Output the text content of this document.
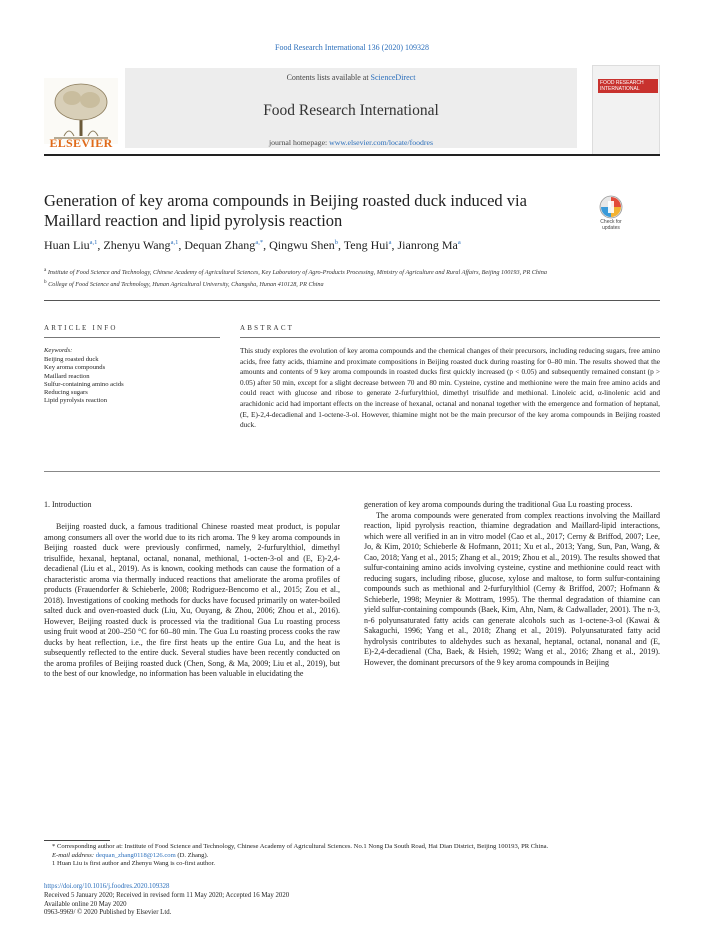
Food Research International 136 (2020) 109328
Contents lists available at ScienceDirect
Food Research International
journal homepage: www.elsevier.com/locate/foodres
ELSEVIER
FOOD RESEARCH INTERNATIONAL
Generation of key aroma compounds in Beijing roasted duck induced via Maillard reaction and lipid pyrolysis reaction	Check for updates
Huan Liu$^{a,1}$, Zhenyu Wang$^{a,1}$, Dequan Zhang$^{a,*}$, Qingwu Shen$^b$, Teng Hui$^a$, Jianrong Ma$^a$
$^a$ Institute of Food Science and Technology, Chinese Academy of Agricultural Sciences, Key Laboratory of Agro-Products Processing, Ministry of Agriculture and Rural Affairs, Beijing 100193, PR China
$^b$ College of Food Science and Technology, Hunan Agricultural University, Changsha, Hunan 410128, PR China
ARTICLE INFO	ABSTRACT
Keywords:
Beijing roasted duck
Key aroma compounds
Maillard reaction
Sulfur-containing amino acids
Reducing sugars
Lipid pyrolysis reaction
This study explores the evolution of key aroma compounds and the chemical changes of their precursors, including reducing sugars, free amino acids, free fatty acids, thiamine and proximate compositions in Beijing roasted duck during roasting for 0–80 min. The results showed that the amounts and contents of 9 key aroma compounds in roasted ducks first quickly increased (p < 0.05) and subsequently remained constant (p > 0.05) after 50 min, except for a slight decrease between 70 and 80 min. Cysteine, cystine and methionine were the main free amino acids and could react with glucose and ribose to generate 2-furfurylthiol, dimethyl trisulfide and methional. Linoleic acid, α-linolenic acid and arachidonic acid had important effects on the increase of hexanal, octanal and nonanal together with the emergence and formation of heptanal, (E, E)-2,4-decadienal and 1-octene-3-ol. However, thiamine might not be the main precursor of the key aroma compounds in Beijing roasted duck.
1. Introduction

Beijing roasted duck, a famous traditional Chinese roasted meat product, is popular among consumers all over the world due to its rich aroma. The 9 key aroma compounds in Beijing roasted duck were previously confirmed, namely, 2-furfurylthiol, dimethyl trisulfide, hexanal, heptanal, octanal, nonanal, methional, 1-octen-3-ol and (E, E)-2,4-decadienal (Liu et al., 2019). As is known, cooking methods can cause the formation of a characteristic aroma via thermally induced reactions that ameliorate the aroma profiles of products (Frauendorfer & Schieberle, 2008; Rodriguez-Bencomo et al., 2015; Zou et al., 2018). Investigations of cooking methods for ducks have focused primarily on water-boiled salted duck and oven-roasted duck (Liu, Xu, Ouyang, & Zhou, 2006; Zhou et al., 2016). However, Beijing roasted duck is processed via the traditional Gua Lu roasting process using fruit wood at 200–250 °C for 60–80 min. The Gua Lu roasting process cooks the raw ducks by heat reflection, i.e., the fire first heats up the entire Gua Lu, and the heat is subsequently reflected to the entire duck. Several studies have been recently conducted on the aroma profiles of Beijing roasted duck (Chen, Song, & Ma, 2009; Liu et al., 2019), but to the best of our knowledge, no information has been valuable in elucidating the

generation of key aroma compounds during the traditional Gua Lu roasting process.

The aroma compounds were generated from complex reactions involving the Maillard reaction, lipid pyrolysis reaction, thiamine degradation and Maillard-lipid interactions, which were all verified in an in vitro model (Cao et al., 2017; Cerny & Briffod, 2007; Lee, Jo, & Kim, 2010; Schieberle & Hofmann, 2011; Xu et al., 2013; Yang, Sun, Pan, Wang, & Cao, 2018; Yang et al., 2015; Zhang et al., 2019; Zhou et al., 2019). The results showed that sulfur-containing amino acids involving cysteine, cystine and methionine could react with reducing sugars, including ribose, glucose, xylose and maltose, to form sulfur-containing compounds such as methional and 2-furfurylthiol (Cerny & Briffod, 2007; Hofmann & Schieberle, 1998; Meynier & Mottram, 1995). The thermal degradation of thiamine can yield sulfur-containing compounds (Baek, Kim, Ahn, Nam, & Cadwallader, 2001). The n-3, n-6 polyunsaturated fatty acids can generate alcohols such as 1-octene-3-ol (Kawai & Sakaguchi, 1996; Yang et al., 2018; Zhang et al., 2019). Polyunsaturated fatty acid hydrolysis contributes to aldehydes such as hexanal, heptanal, octanal, nonanal and (E, E)-2,4-decadienal (Cha, Baek, & Hsieh, 1992; Wang et al., 2016; Zhang et al., 2019). However, the dominant precursors of the 9 key aroma compounds in Beijing

* Corresponding author at: Institute of Food Science and Technology, Chinese Academy of Agricultural Sciences. No.1 Nong Da South Road, Hai Dian District, Beijing 100193, PR China.

E-mail address: dequan_zhang0118@126.com (D. Zhang).

1 Huan Liu is first author and Zhenyu Wang is co-first author.

https://doi.org/10.1016/j.foodres.2020.109328
Received 5 January 2020; Received in revised form 11 May 2020; Accepted 16 May 2020
Available online 20 May 2020
0963-9969/ © 2020 Published by Elsevier Ltd.
